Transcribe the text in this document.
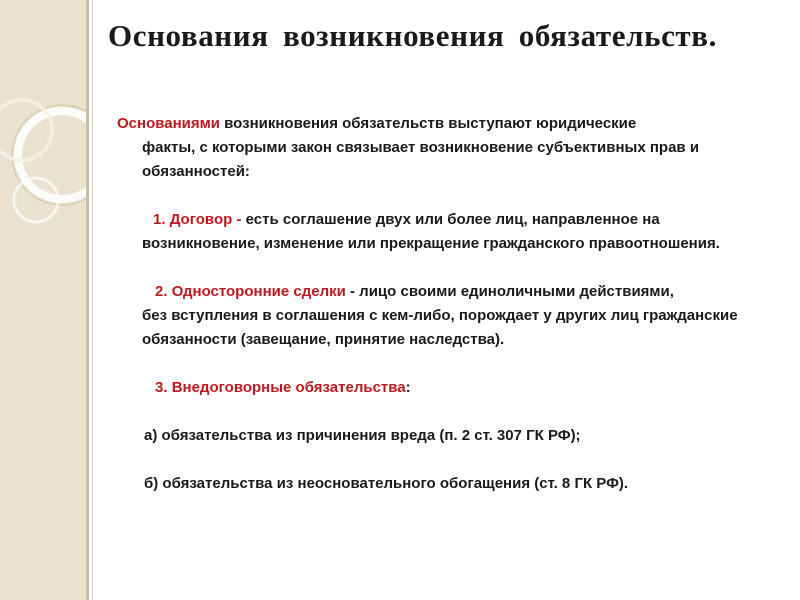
Основания возникновения обязательств.

Основаниями возникновения обязательств выступают юридические
факты, с которыми закон связывает возникновение субъективных прав и обязанностей:

1. Договор - есть соглашение двух или более лиц, направленное на
возникновение, изменение или прекращение гражданского правоотношения.

2. Односторонние сделки - лицо своими единоличными действиями,
без вступления в соглашения с кем-либо, порождает у других лиц гражданские обязанности (завещание, принятие наследства).

3. Внедоговорные обязательства:

а) обязательства из причинения вреда (п. 2 ст. 307 ГК РФ);

б) обязательства из неосновательного обогащения (ст. 8 ГК РФ).
